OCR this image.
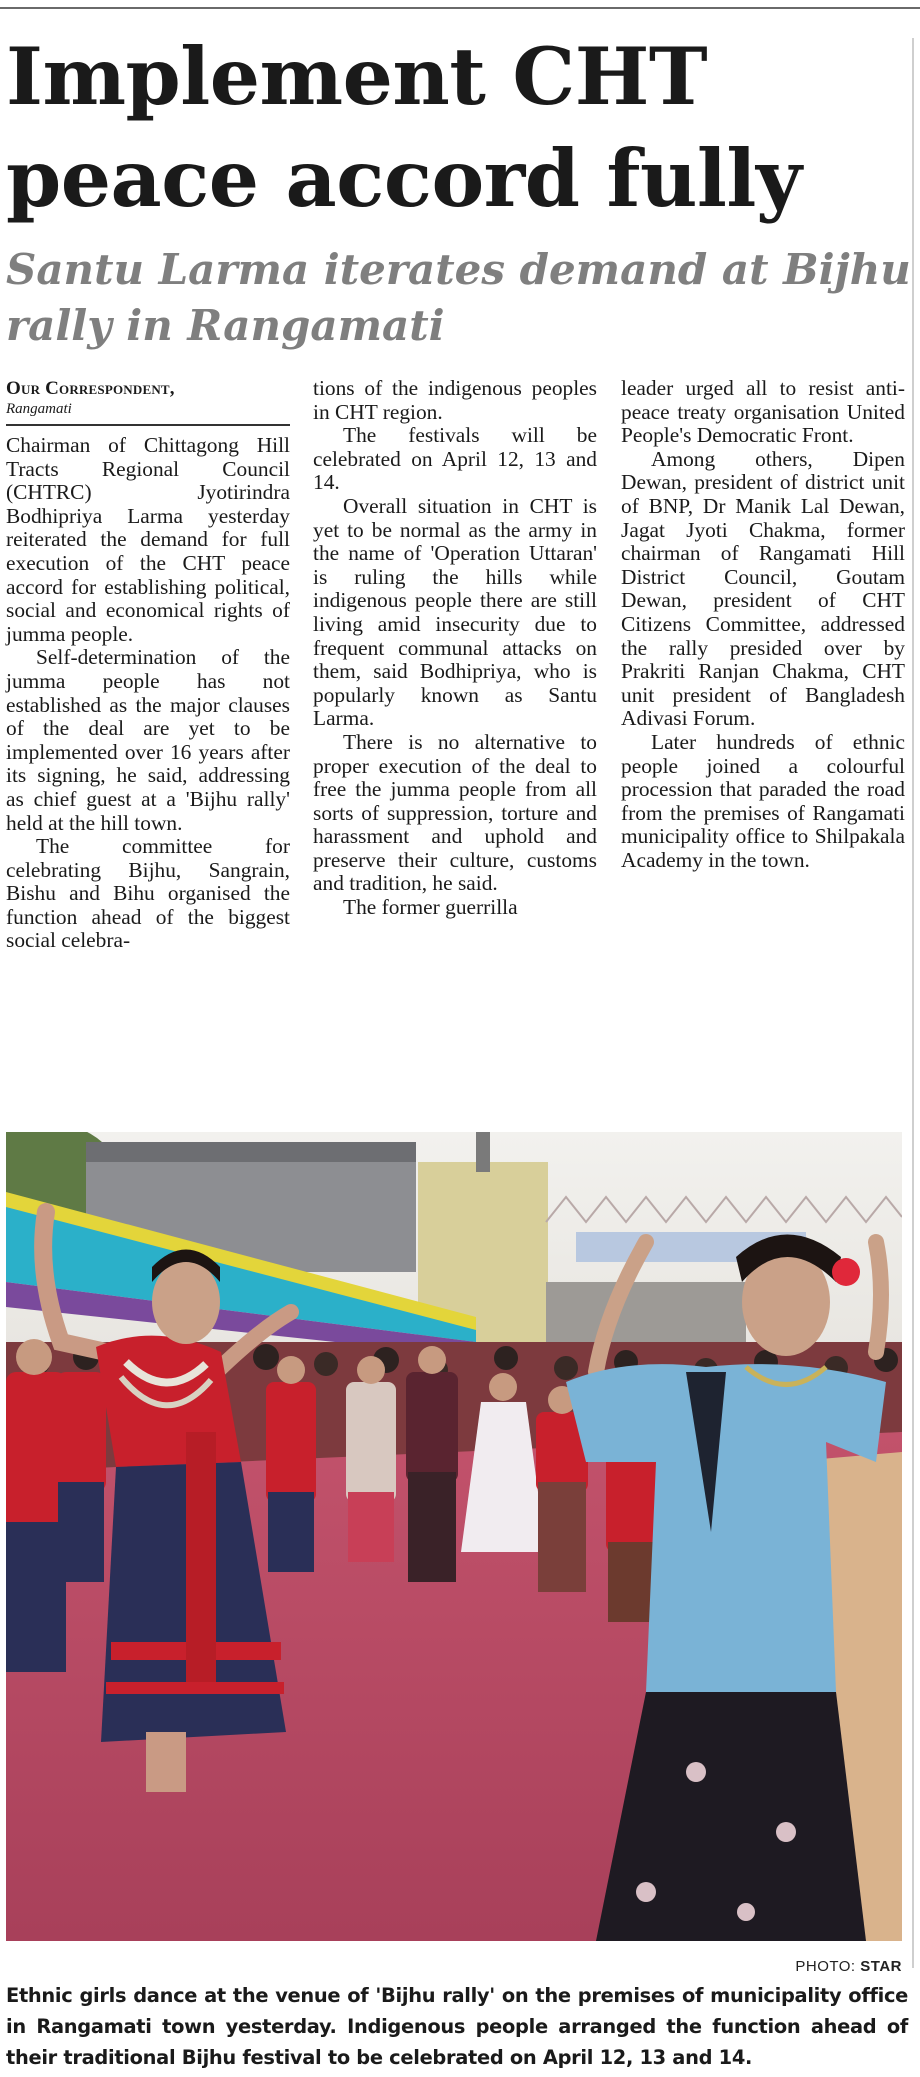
Implement CHT peace accord fully
Santu Larma iterates demand at Bijhu rally in Rangamati

Our Correspondent,

Rangamati

Chairman of Chittagong Hill Tracts Regional Council (CHTRC) Jyotirindra Bodhipriya Larma yesterday reiterated the demand for full execution of the CHT peace accord for establishing political, social and economical rights of jumma people.

Self-determination of the jumma people has not established as the major clauses of the deal are yet to be implemented over 16 years after its signing, he said, addressing as chief guest at a 'Bijhu rally' held at the hill town.

The committee for celebrating Bijhu, Sangrain, Bishu and Bihu organised the function ahead of the biggest social celebra-

tions of the indigenous peoples in CHT region.

The festivals will be celebrated on April 12, 13 and 14.

Overall situation in CHT is yet to be normal as the army in the name of 'Operation Uttaran' is ruling the hills while indigenous people there are still living amid insecurity due to frequent communal attacks on them, said Bodhipriya, who is popularly known as Santu Larma.

There is no alternative to proper execution of the deal to free the jumma people from all sorts of suppression, torture and harassment and uphold and preserve their culture, customs and tradition, he said.

The former guerrilla

leader urged all to resist anti-peace treaty organisation United People's Democratic Front.

Among others, Dipen Dewan, president of district unit of BNP, Dr Manik Lal Dewan, Jagat Jyoti Chakma, former chairman of Rangamati Hill District Council, Goutam Dewan, president of CHT Citizens Committee, addressed the rally presided over by Prakriti Ranjan Chakma, CHT unit president of Bangladesh Adivasi Forum.

Later hundreds of ethnic people joined a colourful procession that paraded the road from the premises of Rangamati municipality office to Shilpakala Academy in the town.

PHOTO: STAR

Ethnic girls dance at the venue of 'Bijhu rally' on the premises of municipality office in Rangamati town yesterday. Indigenous people arranged the function ahead of their traditional Bijhu festival to be celebrated on April 12, 13 and 14.
